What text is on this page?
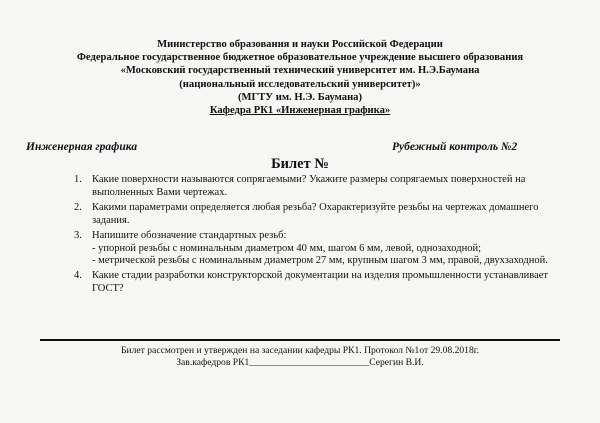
Министерство образования и науки Российской Федерации
Федеральное государственное бюджетное образовательное учреждение высшего образования
«Московский государственный технический университет им. Н.Э.Баумана
(национальный исследовательский университет)»
(МГТУ им. Н.Э. Баумана)
Кафедра РК1 «Инженерная графика»
Инженерная графика	Рубежный контроль №2
Билет №
1. Какие поверхности называются сопрягаемыми? Укажите размеры сопрягаемых поверхностей на выполненных Вами чертежах.
2. Какими параметрами определяется любая резьба? Охарактеризуйте резьбы на чертежах домашнего задания.
3. Напишите обозначение стандартных резьб:
- упорной резьбы с номинальным диаметром 40 мм, шагом 6 мм, левой, однозаходной;
- метрической резьбы с номинальным диаметром 27 мм, крупным шагом 3 мм, правой, двухзаходной.
4. Какие стадии разработки конструкторской документации на изделия промышленности устанавливает ГОСТ?
Билет рассмотрен и утвержден на заседании кафедры РК1. Протокол №1от 29.08.2018г.
Зав.кафедров РК1_________________________Серегин В.И.
